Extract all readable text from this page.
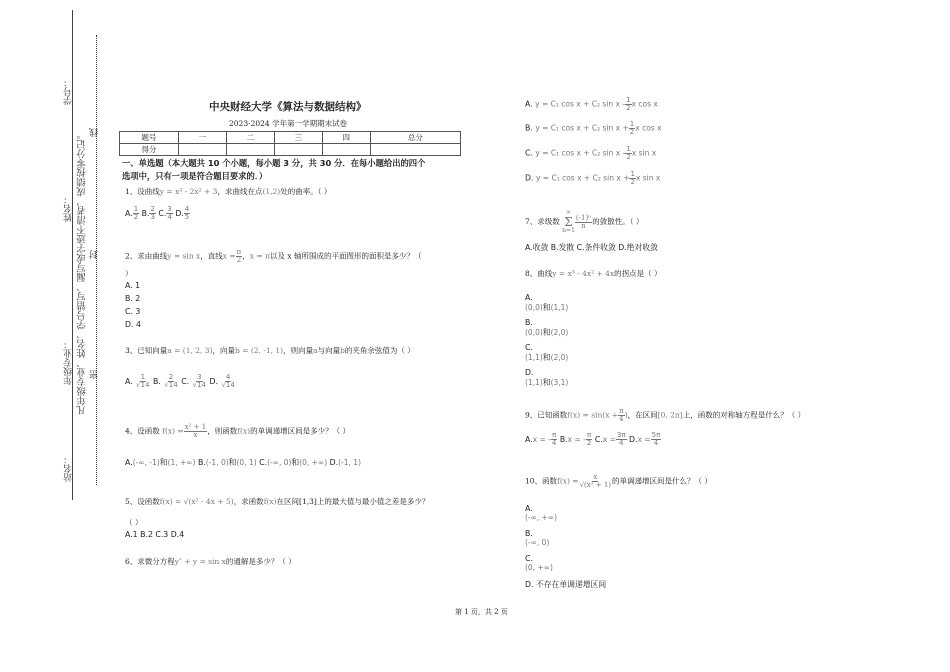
学号：
姓名：
年级专业：
站名：
凡年级专业、姓名、学号错写、漏写或字迹不清者，成绩按零分记。 线
封
密
中央财经大学《算法与数据结构》
2023-2024 学年第一学期期末试卷
题号	一	二	三	四	总分
得分					
一、单选题（本大题共 10 个小题，每小题 3 分，共 30 分．在每小题给出的四个
选项中，只有一项是符合题目要求的．）
1、设曲线y = x³ - 2x² + 3，求曲线在点(1,2)处的曲率。（ ）
A. $\frac{1}{2} B$. $\frac{2}{3} C$. $\frac{3}{4} D$. $\frac{4}{5}$
2、求由曲线y = sin x，直线$x = \frac{\pi}{2}$ ，x = π以及 x 轴所围成的平面图形的面积是多少？（
）
A. 1
B. 2
C. 3
D. 4
3、已知向量a = (1, 2, 3)，向量b = (2, -1, 1)，则向量a与向量b的夹角余弦值为（ ）
A. $\frac{1}{√14} B$. $\frac{2}{√14} C$. $\frac{3}{√14} D$. $\frac{4}{√14}$
4、设函数 $f(x) = \frac{\text{x² + 1}}{x}$ ，则函数f(x)的单调递增区间是多少？（ ）
A.(-∞, -1)和(1, +∞) B.(-1, 0)和(0, 1) C.(-∞, 0)和(0, +∞) D.(-1, 1)
5、设函数f(x) = √(x² - 4x + 5)，求函数f(x)在区间[1,3]上的最大值与最小值之差是多少？
（ ）
A.1 B.2 C.3 D.4
6、求微分方程y″ + y = sin x的通解是多少？（ ）
A. y = C₁ cos x + C₂ sin x - $\frac{1}{2}$ x cos x
B. y = C₁ cos x + C₂ $\sin x + \frac{1}{2}$ x cos x
C. y = C₁ cos x + C₂ sin x - $\frac{1}{2}$ x sin x
D. y = C₁ cos x + C₂ $\sin x + \frac{1}{2}$ x sin x
7、求级数
∞
Σ
n=1
$\frac{\text{(-1)ⁿ}}{n}$ 的敛散性。（ ）
A.收敛 B.发散 C.条件收敛 D.绝对收敛
8、曲线y = x³ - 4x² + 4x的拐点是（ ）
A.
(0,0)和(1,1)
B.
(0,0)和(2,0)
C.
(1,1)和(2,0)
D.
(1,1)和(3,1)
9、已知函数$f(x) = \sin(x + \frac{\pi}{4}$ )，在区间[0, 2π]上，函数的对称轴方程是什么？（ ）
A.x = - $\frac{\pi}{4} B.x$ = - $\frac{\pi}{2} C.x = \frac{3\pi}{4} D.x = \frac{5\pi}{4}$
10、函数$f(x) = \frac{x}{\text{√(x² + 1)}}$ 的单调递增区间是什么？（ ）
A.
(-∞, +∞)
B.
(-∞, 0)
C.
(0, +∞)
D. 不存在单调递增区间
第 1 页，共 2 页
